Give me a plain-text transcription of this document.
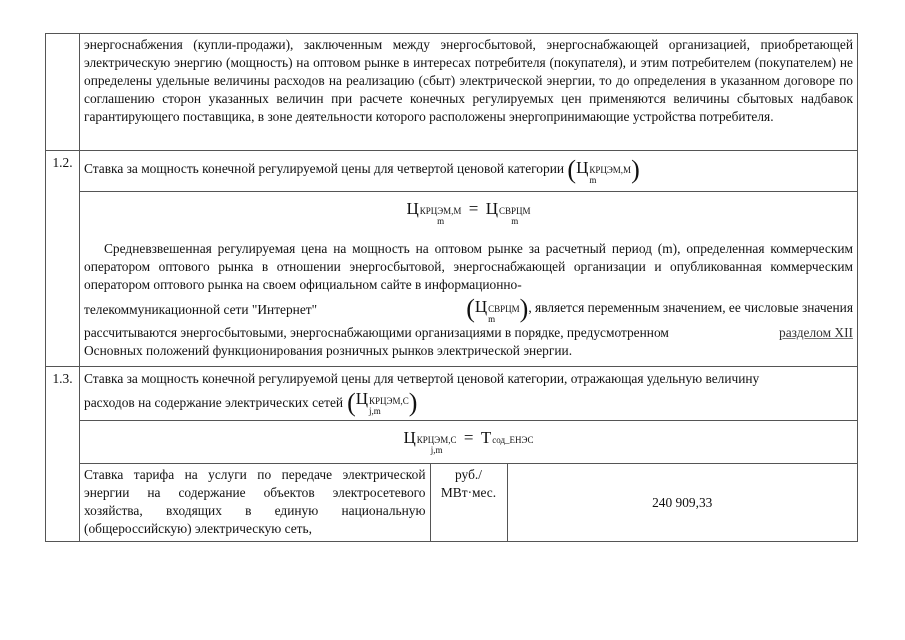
	энергоснабжения (купли-продажи), заключенным между энергосбытовой, энергоснабжающей организацией, приобретающей электрическую энергию (мощность) на оптовом рынке в интересах потребителя (покупателя), и этим потребителем (покупателем) не определены удельные величины расходов на реализацию (сбыт) электрической энергии, то до определения в указанном договоре по соглашению сторон указанных величин при расчете конечных регулируемых цен применяются величины сбытовых надбавок гарантирующего поставщика, в зоне деятельности которого расположены энергопринимающие устройства потребителя.
1.2.	Ставка за мощность конечной регулируемой цены для четвертой ценовой категории ( Ц КРЦЭМ,М
m	)

Ц КРЦЭМ,М
m
= Ц СВРЦМ
m
Средневзвешенная регулируемая цена на мощность на оптовом рынке за расчетный период (m), определенная коммерческим оператором оптового рынка в отношении энергосбытовой, энергоснабжающей организации и опубликованная коммерческим оператором оптового рынка на своем официальном сайте в информационно-
телекоммуникационной сети "Интернет"	( Ц СВРЦМ
m ), является переменным значением, ее числовые значения
рассчитываются энергосбытовыми, энергоснабжающими организациями в порядке, предусмотренном	разделом XII
Основных положений функционирования розничных рынков электрической энергии.

1.3.	Ставка за мощность конечной регулируемой цены для четвертой ценовой категории, отражающая удельную величину
расходов на содержание электрических сетей ( Ц КРЦЭМ,С
j,m	)

Ц КРЦЭМ,С
j,m
= T сод_ЕНЭС

Ставка тарифа на услуги по передаче электрической энергии на содержание объектов электросетевого хозяйства, входящих в единую национальную (общероссийскую) электрическую сеть,	руб./МВт·мес.	240 909,33
